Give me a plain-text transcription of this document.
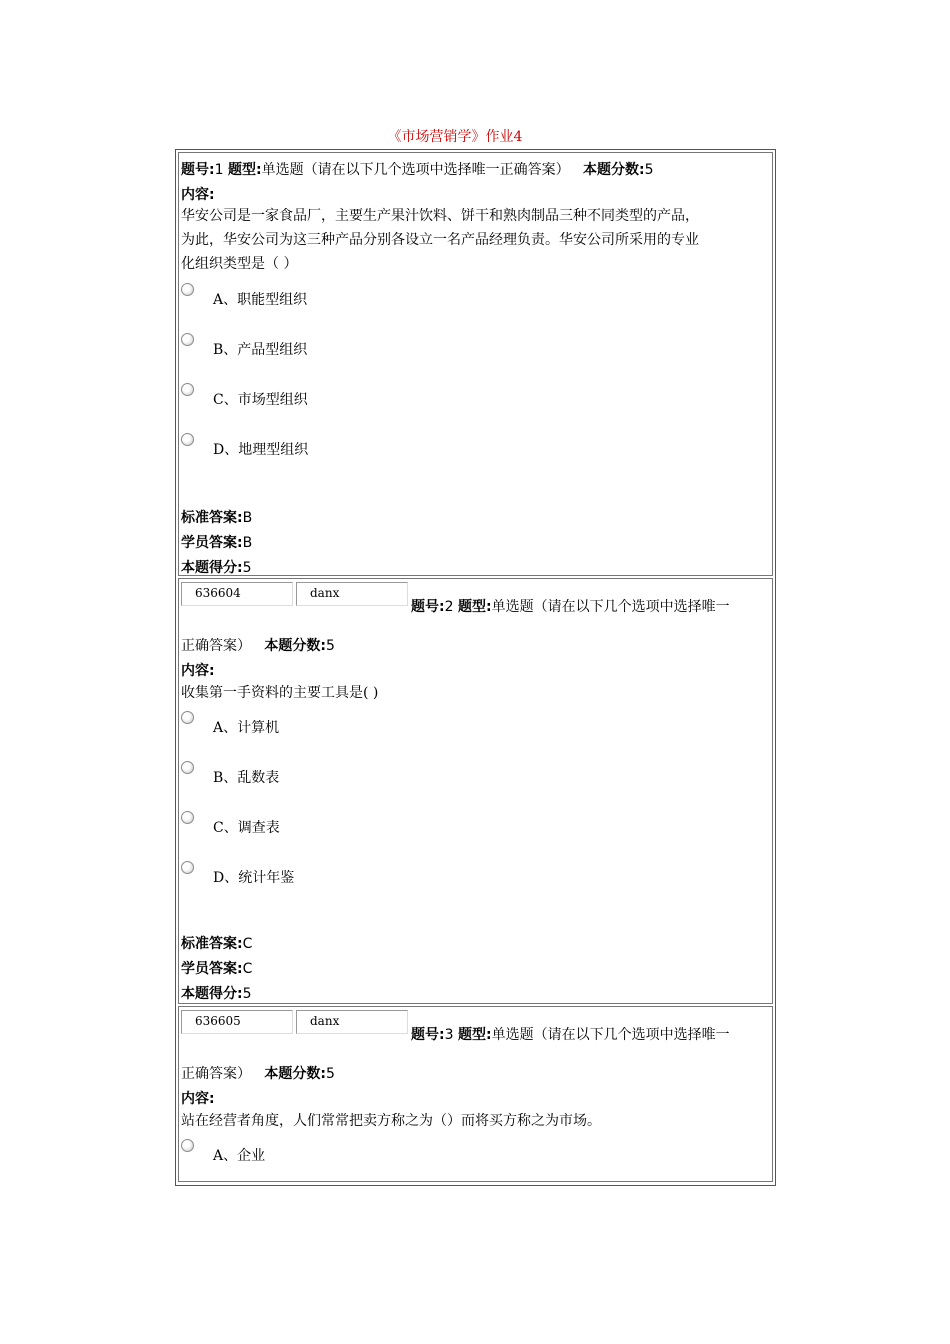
《市场营销学》作业4
题号:1 题型:单选题（请在以下几个选项中选择唯一正确答案） 本题分数:5
内容:
华安公司是一家食品厂，主要生产果汁饮料、饼干和熟肉制品三种不同类型的产品，
为此，华安公司为这三种产品分别各设立一名产品经理负责。华安公司所采用的专业
化组织类型是（ ）
A、职能型组织
B、产品型组织
C、市场型组织
D、地理型组织
标准答案:B
学员答案:B
本题得分:5
636604	danx
题号:2 题型:单选题（请在以下几个选项中选择唯一
正确答案） 本题分数:5
内容:
收集第一手资料的主要工具是( )
A、计算机
B、乱数表
C、调查表
D、统计年鉴
标准答案:C
学员答案:C
本题得分:5
636605	danx
题号:3 题型:单选题（请在以下几个选项中选择唯一
正确答案） 本题分数:5
内容:
站在经营者角度，人们常常把卖方称之为（）而将买方称之为市场。
A、企业
